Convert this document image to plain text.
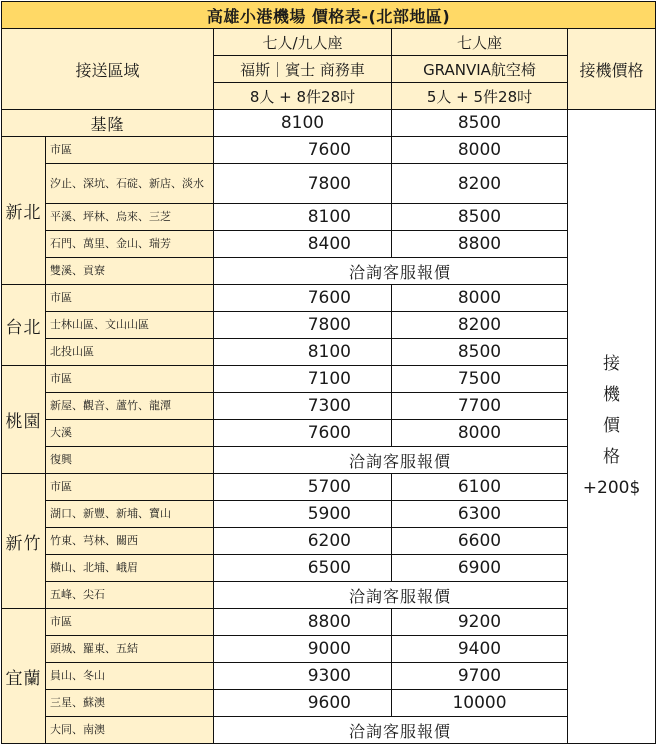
高雄小港機場 價格表-(北部地區)				
接送區域		七人/九人座	七人座	接機價格
		福斯｜賓士 商務車	GRANVIA航空椅	
		8人 + 8件28吋	5人 + 5件28吋	
基隆		8100	8500	接
機
價
格
+200$

新北	市區	7600	8000	
	汐止、深坑、石碇、新店、淡水	7800	8200	
	平溪、坪林、烏來、三芝	8100	8500	
	石門、萬里、金山、瑞芳	8400	8800	
	雙溪、貢寮	洽詢客服報價		
台北	市區	7600	8000	
	士林山區、文山山區	7800	8200	
	北投山區	8100	8500	
桃園	市區	7100	7500	
	新屋、觀音、蘆竹、龍潭	7300	7700	
	大溪	7600	8000	
	復興	洽詢客服報價		
新竹	市區	5700	6100	
	湖口、新豐、新埔、寶山	5900	6300	
	竹東、芎林、關西	6200	6600	
	橫山、北埔、峨眉	6500	6900	
	五峰、尖石	洽詢客服報價		
宜蘭	市區	8800	9200	
	頭城、羅東、五結	9000	9400	
	員山、冬山	9300	9700	
	三星、蘇澳	9600	10000	
	大同、南澳	洽詢客服報價		
